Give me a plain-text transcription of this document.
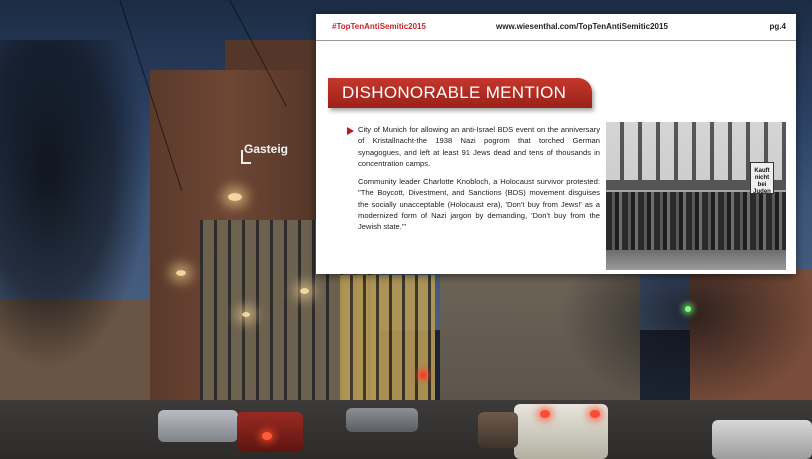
Gasteig
#TopTenAntiSemitic2015	www.wiesenthal.com/TopTenAntiSemitic2015	pg.4
DISHONORABLE MENTION

City of Munich for allowing an anti-Israel BDS event on the anniversary of Kristallnacht-the 1938 Nazi pogrom that torched German synagogues, and left at least 91 Jews dead and tens of thousands in concentration camps.

Community leader Charlotte Knobloch, a Holocaust survivor protested: "The Boycott, Divestment, and Sanctions (BDS) movement disguises the socially unacceptable (Holocaust era), 'Don't buy from Jews!' as a modernized form of Nazi jargon by demanding, 'Don't buy from the Jewish state.'"

Kauft nicht bei Juden
